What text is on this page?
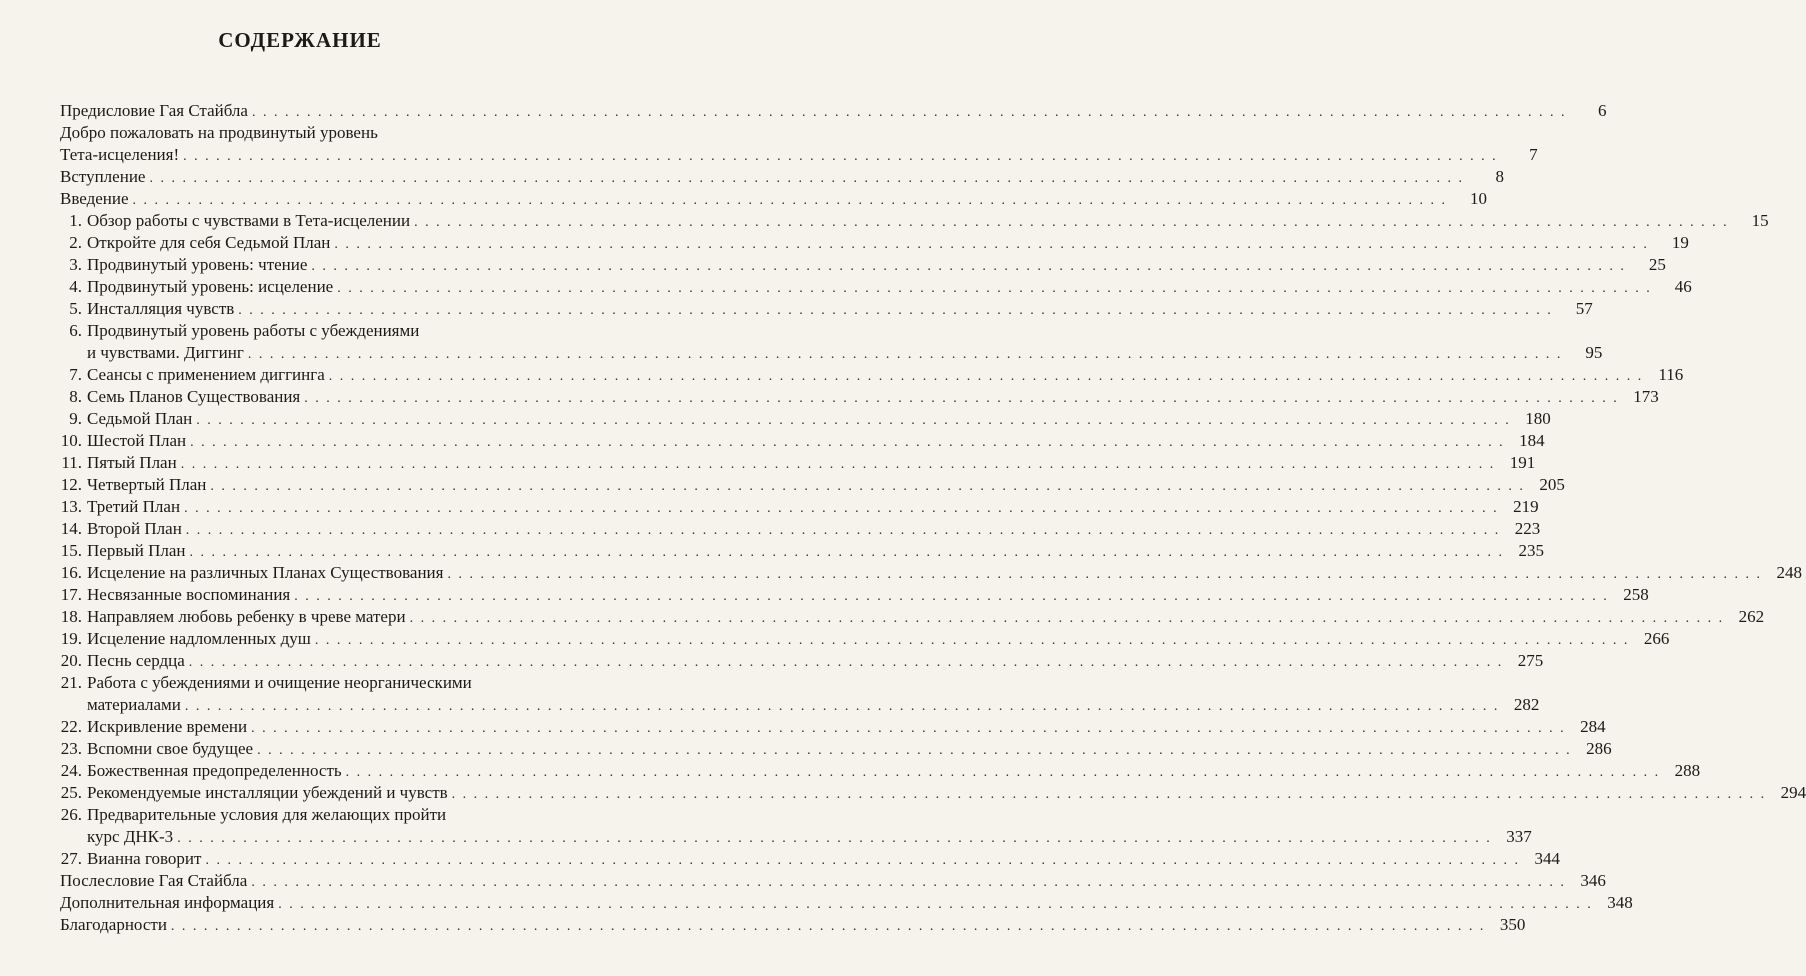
СОДЕРЖАНИЕ
Предисловие Гая Стайбла . . . . . . . . . . . . . . . . . . . . . . . . . . . . . . . . . . . . . . . . . . . . . . . . . . . . . . . . . . . . . . . . . . . . . . . . . . . . . . . . . . . . . . . . . . . . . . . . . . . . . . . . . . . . . . . . . . . . . . . .	6
Добро пожаловать на продвинутый уровень
Тета-исцеления! . . . . . . . . . . . . . . . . . . . . . . . . . . . . . . . . . . . . . . . . . . . . . . . . . . . . . . . . . . . . . . . . . . . . . . . . . . . . . . . . . . . . . . . . . . . . . . . . . . . . . . . . . . . . . . . . . . . . . . . .	7
Вступление . . . . . . . . . . . . . . . . . . . . . . . . . . . . . . . . . . . . . . . . . . . . . . . . . . . . . . . . . . . . . . . . . . . . . . . . . . . . . . . . . . . . . . . . . . . . . . . . . . . . . . . . . . . . . . . . . . . . . . . .	8
Введение . . . . . . . . . . . . . . . . . . . . . . . . . . . . . . . . . . . . . . . . . . . . . . . . . . . . . . . . . . . . . . . . . . . . . . . . . . . . . . . . . . . . . . . . . . . . . . . . . . . . . . . . . . . . . . . . . . . . . . . .	10
1. Обзор работы с чувствами в Тета-исцелении . . . . . . . . . . . . . . . . . . . . . . . . . . . . . . . . . . . . . . . . . . . . . . . . . . . . . . . . . . . . . . . . . . . . . . . . . . . . . . . . . . . . . . . . . . . . . . . . . . . . . . . . . . . . . . . . . . . . . . . .	15
2. Откройте для себя Седьмой План . . . . . . . . . . . . . . . . . . . . . . . . . . . . . . . . . . . . . . . . . . . . . . . . . . . . . . . . . . . . . . . . . . . . . . . . . . . . . . . . . . . . . . . . . . . . . . . . . . . . . . . . . . . . . . . . . . . . . . . .	19
3. Продвинутый уровень: чтение . . . . . . . . . . . . . . . . . . . . . . . . . . . . . . . . . . . . . . . . . . . . . . . . . . . . . . . . . . . . . . . . . . . . . . . . . . . . . . . . . . . . . . . . . . . . . . . . . . . . . . . . . . . . . . . . . . . . . . . .	25
4. Продвинутый уровень: исцеление . . . . . . . . . . . . . . . . . . . . . . . . . . . . . . . . . . . . . . . . . . . . . . . . . . . . . . . . . . . . . . . . . . . . . . . . . . . . . . . . . . . . . . . . . . . . . . . . . . . . . . . . . . . . . . . . . . . . . . . .	46
5. Инсталляция чувств . . . . . . . . . . . . . . . . . . . . . . . . . . . . . . . . . . . . . . . . . . . . . . . . . . . . . . . . . . . . . . . . . . . . . . . . . . . . . . . . . . . . . . . . . . . . . . . . . . . . . . . . . . . . . . . . . . . . . . . .	57
6. Продвинутый уровень работы с убеждениями
и чувствами. Диггинг . . . . . . . . . . . . . . . . . . . . . . . . . . . . . . . . . . . . . . . . . . . . . . . . . . . . . . . . . . . . . . . . . . . . . . . . . . . . . . . . . . . . . . . . . . . . . . . . . . . . . . . . . . . . . . . . . . . . . . . .	95
7. Сеансы с применением диггинга . . . . . . . . . . . . . . . . . . . . . . . . . . . . . . . . . . . . . . . . . . . . . . . . . . . . . . . . . . . . . . . . . . . . . . . . . . . . . . . . . . . . . . . . . . . . . . . . . . . . . . . . . . . . . . . . . . . . . . . . 116
8. Семь Планов Существования . . . . . . . . . . . . . . . . . . . . . . . . . . . . . . . . . . . . . . . . . . . . . . . . . . . . . . . . . . . . . . . . . . . . . . . . . . . . . . . . . . . . . . . . . . . . . . . . . . . . . . . . . . . . . . . . . . . . . . . . 173
9. Седьмой План . . . . . . . . . . . . . . . . . . . . . . . . . . . . . . . . . . . . . . . . . . . . . . . . . . . . . . . . . . . . . . . . . . . . . . . . . . . . . . . . . . . . . . . . . . . . . . . . . . . . . . . . . . . . . . . . . . . . . . . . 180
10. Шестой План . . . . . . . . . . . . . . . . . . . . . . . . . . . . . . . . . . . . . . . . . . . . . . . . . . . . . . . . . . . . . . . . . . . . . . . . . . . . . . . . . . . . . . . . . . . . . . . . . . . . . . . . . . . . . . . . . . . . . . . . 184
11. Пятый План . . . . . . . . . . . . . . . . . . . . . . . . . . . . . . . . . . . . . . . . . . . . . . . . . . . . . . . . . . . . . . . . . . . . . . . . . . . . . . . . . . . . . . . . . . . . . . . . . . . . . . . . . . . . . . . . . . . . . . . . 191
12. Четвертый План . . . . . . . . . . . . . . . . . . . . . . . . . . . . . . . . . . . . . . . . . . . . . . . . . . . . . . . . . . . . . . . . . . . . . . . . . . . . . . . . . . . . . . . . . . . . . . . . . . . . . . . . . . . . . . . . . . . . . . . . 205
13. Третий План . . . . . . . . . . . . . . . . . . . . . . . . . . . . . . . . . . . . . . . . . . . . . . . . . . . . . . . . . . . . . . . . . . . . . . . . . . . . . . . . . . . . . . . . . . . . . . . . . . . . . . . . . . . . . . . . . . . . . . . . 219
14. Второй План . . . . . . . . . . . . . . . . . . . . . . . . . . . . . . . . . . . . . . . . . . . . . . . . . . . . . . . . . . . . . . . . . . . . . . . . . . . . . . . . . . . . . . . . . . . . . . . . . . . . . . . . . . . . . . . . . . . . . . . . 223
15. Первый План . . . . . . . . . . . . . . . . . . . . . . . . . . . . . . . . . . . . . . . . . . . . . . . . . . . . . . . . . . . . . . . . . . . . . . . . . . . . . . . . . . . . . . . . . . . . . . . . . . . . . . . . . . . . . . . . . . . . . . . . 235
16. Исцеление на различных Планах Существования . . . . . . . . . . . . . . . . . . . . . . . . . . . . . . . . . . . . . . . . . . . . . . . . . . . . . . . . . . . . . . . . . . . . . . . . . . . . . . . . . . . . . . . . . . . . . . . . . . . . . . . . . . . . . . . . . . . . . . . . 248
17. Несвязанные воспоминания . . . . . . . . . . . . . . . . . . . . . . . . . . . . . . . . . . . . . . . . . . . . . . . . . . . . . . . . . . . . . . . . . . . . . . . . . . . . . . . . . . . . . . . . . . . . . . . . . . . . . . . . . . . . . . . . . . . . . . . . 258
18. Направляем любовь ребенку в чреве матери . . . . . . . . . . . . . . . . . . . . . . . . . . . . . . . . . . . . . . . . . . . . . . . . . . . . . . . . . . . . . . . . . . . . . . . . . . . . . . . . . . . . . . . . . . . . . . . . . . . . . . . . . . . . . . . . . . . . . . . . 262
19. Исцеление надломленных душ . . . . . . . . . . . . . . . . . . . . . . . . . . . . . . . . . . . . . . . . . . . . . . . . . . . . . . . . . . . . . . . . . . . . . . . . . . . . . . . . . . . . . . . . . . . . . . . . . . . . . . . . . . . . . . . . . . . . . . . . 266
20. Песнь сердца . . . . . . . . . . . . . . . . . . . . . . . . . . . . . . . . . . . . . . . . . . . . . . . . . . . . . . . . . . . . . . . . . . . . . . . . . . . . . . . . . . . . . . . . . . . . . . . . . . . . . . . . . . . . . . . . . . . . . . . . 275
21. Работа с убеждениями и очищение неорганическими
материалами . . . . . . . . . . . . . . . . . . . . . . . . . . . . . . . . . . . . . . . . . . . . . . . . . . . . . . . . . . . . . . . . . . . . . . . . . . . . . . . . . . . . . . . . . . . . . . . . . . . . . . . . . . . . . . . . . . . . . . . . 282
22. Искривление времени . . . . . . . . . . . . . . . . . . . . . . . . . . . . . . . . . . . . . . . . . . . . . . . . . . . . . . . . . . . . . . . . . . . . . . . . . . . . . . . . . . . . . . . . . . . . . . . . . . . . . . . . . . . . . . . . . . . . . . . . 284
23. Вспомни свое будущее . . . . . . . . . . . . . . . . . . . . . . . . . . . . . . . . . . . . . . . . . . . . . . . . . . . . . . . . . . . . . . . . . . . . . . . . . . . . . . . . . . . . . . . . . . . . . . . . . . . . . . . . . . . . . . . . . . . . . . . . 286
24. Божественная предопределенность . . . . . . . . . . . . . . . . . . . . . . . . . . . . . . . . . . . . . . . . . . . . . . . . . . . . . . . . . . . . . . . . . . . . . . . . . . . . . . . . . . . . . . . . . . . . . . . . . . . . . . . . . . . . . . . . . . . . . . . . 288
25. Рекомендуемые инсталляции убеждений и чувств . . . . . . . . . . . . . . . . . . . . . . . . . . . . . . . . . . . . . . . . . . . . . . . . . . . . . . . . . . . . . . . . . . . . . . . . . . . . . . . . . . . . . . . . . . . . . . . . . . . . . . . . . . . . . . . . . . . . . . . . 294
26. Предварительные условия для желающих пройти
курс ДНК-3 . . . . . . . . . . . . . . . . . . . . . . . . . . . . . . . . . . . . . . . . . . . . . . . . . . . . . . . . . . . . . . . . . . . . . . . . . . . . . . . . . . . . . . . . . . . . . . . . . . . . . . . . . . . . . . . . . . . . . . . . 337
27. Вианна говорит . . . . . . . . . . . . . . . . . . . . . . . . . . . . . . . . . . . . . . . . . . . . . . . . . . . . . . . . . . . . . . . . . . . . . . . . . . . . . . . . . . . . . . . . . . . . . . . . . . . . . . . . . . . . . . . . . . . . . . . . 344
Послесловие Гая Стайбла . . . . . . . . . . . . . . . . . . . . . . . . . . . . . . . . . . . . . . . . . . . . . . . . . . . . . . . . . . . . . . . . . . . . . . . . . . . . . . . . . . . . . . . . . . . . . . . . . . . . . . . . . . . . . . . . . . . . . . . . 346
Дополнительная информация . . . . . . . . . . . . . . . . . . . . . . . . . . . . . . . . . . . . . . . . . . . . . . . . . . . . . . . . . . . . . . . . . . . . . . . . . . . . . . . . . . . . . . . . . . . . . . . . . . . . . . . . . . . . . . . . . . . . . . . . 348
Благодарности . . . . . . . . . . . . . . . . . . . . . . . . . . . . . . . . . . . . . . . . . . . . . . . . . . . . . . . . . . . . . . . . . . . . . . . . . . . . . . . . . . . . . . . . . . . . . . . . . . . . . . . . . . . . . . . . . . . . . . . . 350
